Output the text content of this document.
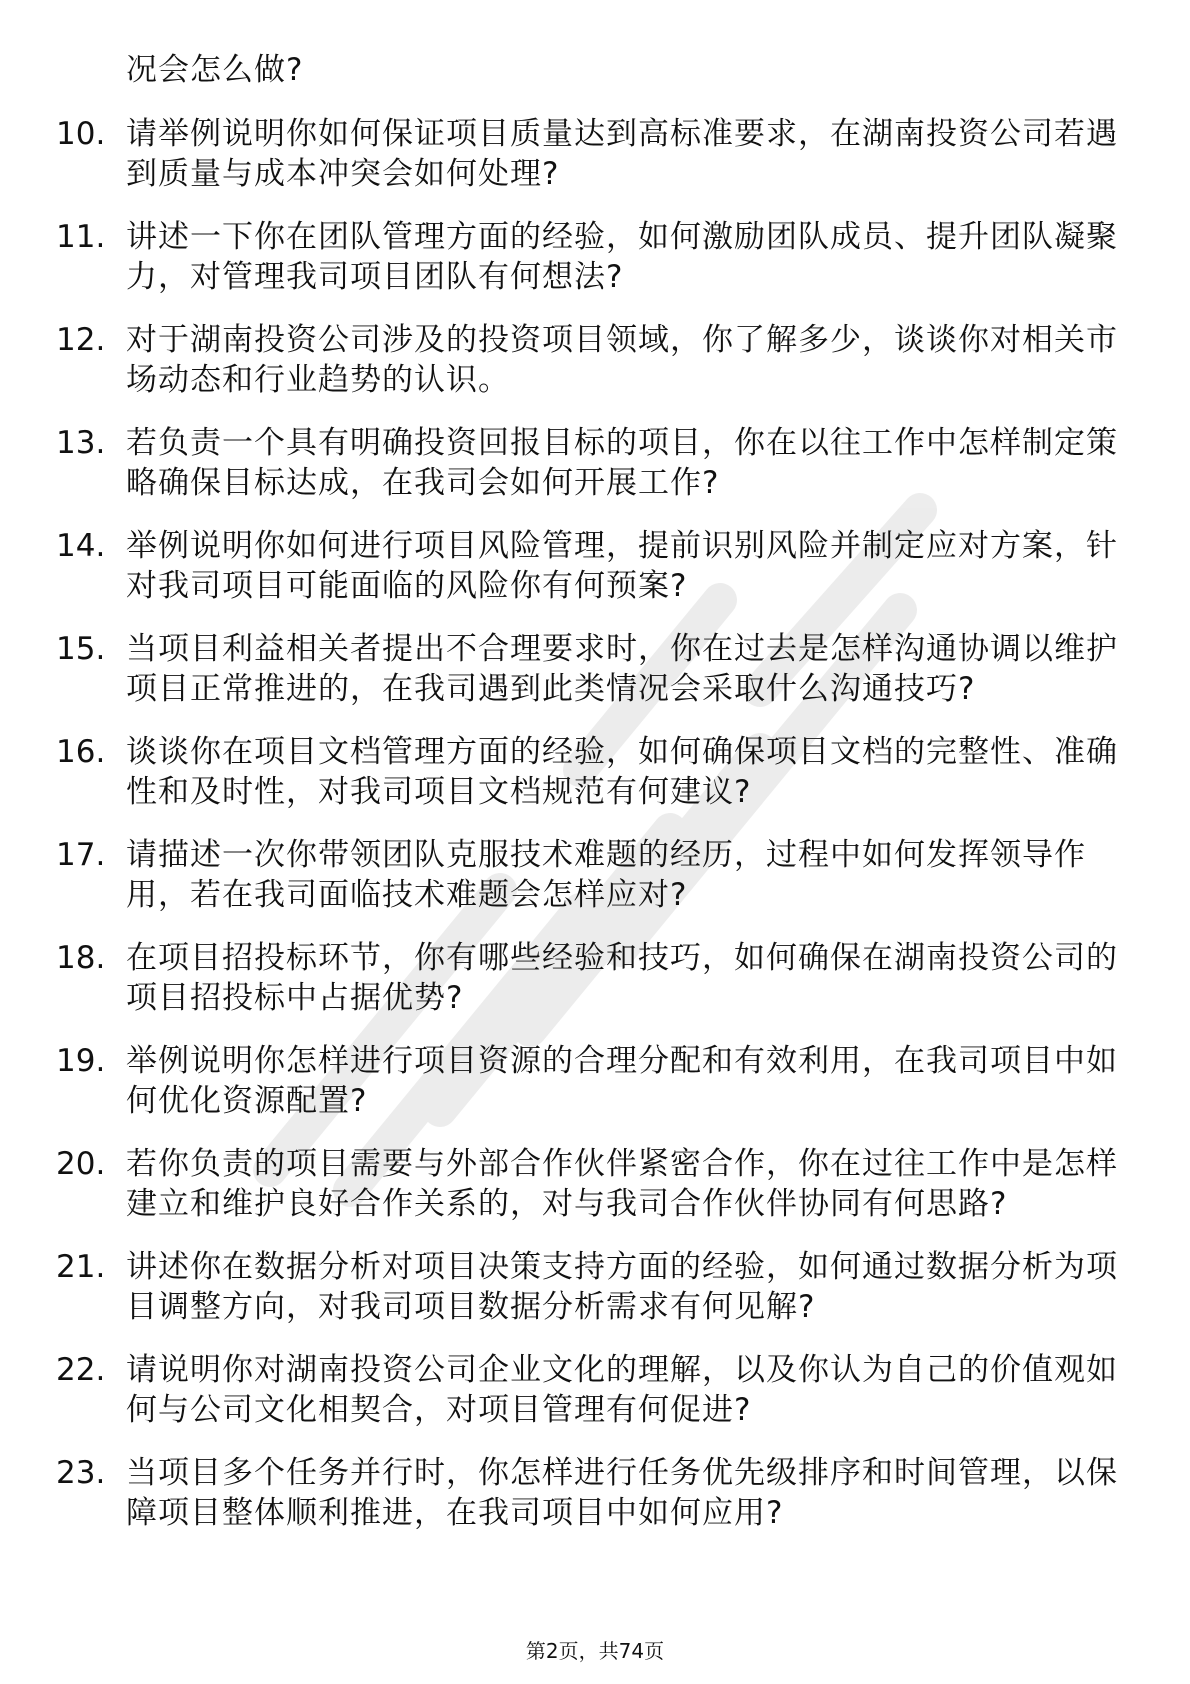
况会怎么做?
10. 请举例说明你如何保证项目质量达到高标准要求，在湖南投资公司若遇到质量与成本冲突会如何处理?
11. 讲述一下你在团队管理方面的经验，如何激励团队成员、提升团队凝聚力，对管理我司项目团队有何想法?
12. 对于湖南投资公司涉及的投资项目领域，你了解多少，谈谈你对相关市场动态和行业趋势的认识。
13. 若负责一个具有明确投资回报目标的项目，你在以往工作中怎样制定策略确保目标达成，在我司会如何开展工作?
14. 举例说明你如何进行项目风险管理，提前识别风险并制定应对方案，针对我司项目可能面临的风险你有何预案?
15. 当项目利益相关者提出不合理要求时，你在过去是怎样沟通协调以维护项目正常推进的，在我司遇到此类情况会采取什么沟通技巧?
16. 谈谈你在项目文档管理方面的经验，如何确保项目文档的完整性、准确性和及时性，对我司项目文档规范有何建议?
17. 请描述一次你带领团队克服技术难题的经历，过程中如何发挥领导作用，若在我司面临技术难题会怎样应对?
18. 在项目招投标环节，你有哪些经验和技巧，如何确保在湖南投资公司的项目招投标中占据优势?
19. 举例说明你怎样进行项目资源的合理分配和有效利用，在我司项目中如何优化资源配置?
20. 若你负责的项目需要与外部合作伙伴紧密合作，你在过往工作中是怎样建立和维护良好合作关系的，对与我司合作伙伴协同有何思路?
21. 讲述你在数据分析对项目决策支持方面的经验，如何通过数据分析为项目调整方向，对我司项目数据分析需求有何见解?
22. 请说明你对湖南投资公司企业文化的理解，以及你认为自己的价值观如何与公司文化相契合，对项目管理有何促进?
23. 当项目多个任务并行时，你怎样进行任务优先级排序和时间管理，以保障项目整体顺利推进，在我司项目中如何应用?
第2页，共74页
